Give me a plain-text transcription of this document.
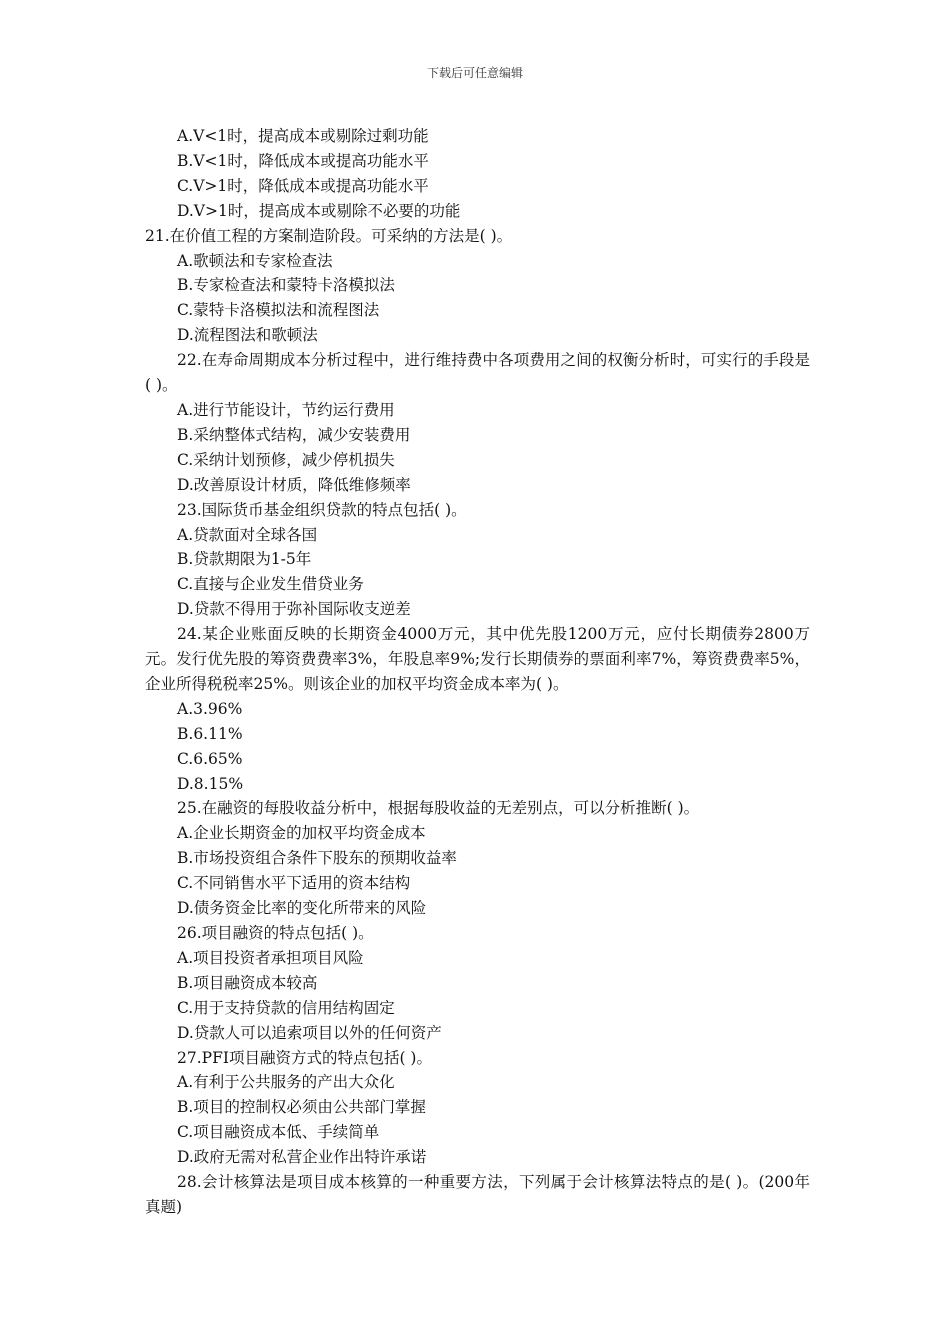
下载后可任意编辑
A.V<1时，提高成本或剔除过剩功能
B.V<1时，降低成本或提高功能水平
C.V>1时，降低成本或提高功能水平
D.V>1时，提高成本或剔除不必要的功能
21.在价值工程的方案制造阶段。可采纳的方法是( )。
A.歌顿法和专家检查法
B.专家检查法和蒙特卡洛模拟法
C.蒙特卡洛模拟法和流程图法
D.流程图法和歌顿法
22.在寿命周期成本分析过程中，进行维持费中各项费用之间的权衡分析时，可实行的手段是( )。
A.进行节能设计，节约运行费用
B.采纳整体式结构，减少安装费用
C.采纳计划预修，减少停机损失
D.改善原设计材质，降低维修频率
23.国际货币基金组织贷款的特点包括( )。
A.贷款面对全球各国
B.贷款期限为1-5年
C.直接与企业发生借贷业务
D.贷款不得用于弥补国际收支逆差
24.某企业账面反映的长期资金4000万元，其中优先股1200万元，应付长期债券2800万元。发行优先股的筹资费费率3%，年股息率9%;发行长期债券的票面利率7%，筹资费费率5%，企业所得税税率25%。则该企业的加权平均资金成本率为( )。
A.3.96%
B.6.11%
C.6.65%
D.8.15%
25.在融资的每股收益分析中，根据每股收益的无差别点，可以分析推断( )。
A.企业长期资金的加权平均资金成本
B.市场投资组合条件下股东的预期收益率
C.不同销售水平下适用的资本结构
D.债务资金比率的变化所带来的风险
26.项目融资的特点包括( )。
A.项目投资者承担项目风险
B.项目融资成本较高
C.用于支持贷款的信用结构固定
D.贷款人可以追索项目以外的任何资产
27.PFI项目融资方式的特点包括( )。
A.有利于公共服务的产出大众化
B.项目的控制权必须由公共部门掌握
C.项目融资成本低、手续简单
D.政府无需对私营企业作出特许承诺
28.会计核算法是项目成本核算的一种重要方法，下列属于会计核算法特点的是( )。(200年真题)
